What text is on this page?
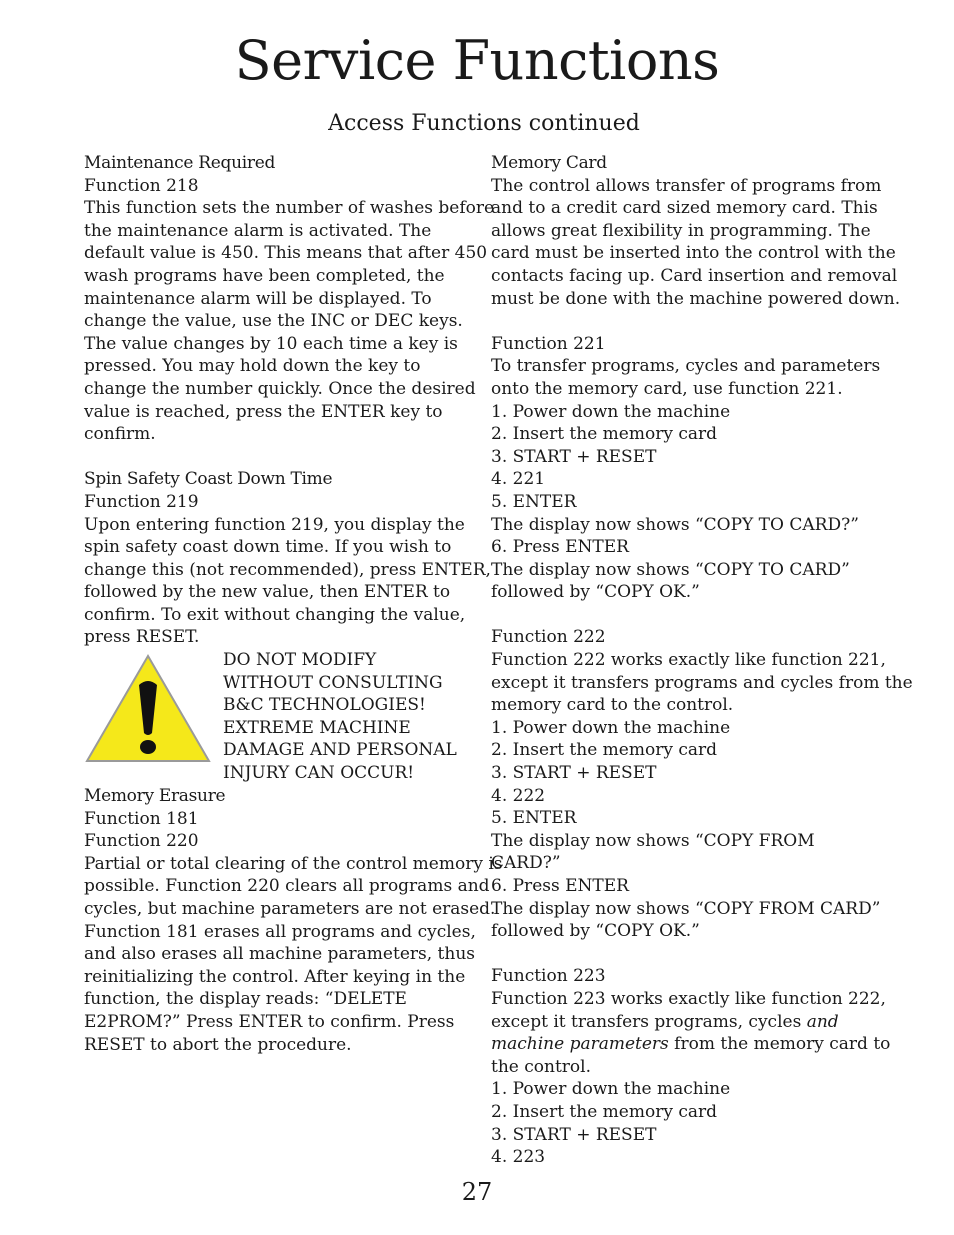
Service Functions
Access Functions continued
Maintenance Required
Function 218
This function sets the number of washes before
the maintenance alarm is activated. The
default value is 450. This means that after 450
wash programs have been completed, the
maintenance alarm will be displayed. To
change the value, use the INC or DEC keys.
The value changes by 10 each time a key is
pressed. You may hold down the key to
change the number quickly. Once the desired
value is reached, press the ENTER key to
confirm.
Spin Safety Coast Down Time
Function 219
Upon entering function 219, you display the
spin safety coast down time. If you wish to
change this (not recommended), press ENTER,
followed by the new value, then ENTER to
confirm. To exit without changing the value,
press RESET.
DO NOT MODIFY
WITHOUT CONSULTING
B&C TECHNOLOGIES!
EXTREME MACHINE
DAMAGE AND PERSONAL
INJURY CAN OCCUR!
Memory Erasure
Function 181
Function 220
Partial or total clearing of the control memory is
possible. Function 220 clears all programs and
cycles, but machine parameters are not erased.
Function 181 erases all programs and cycles,
and also erases all machine parameters, thus
reinitializing the control. After keying in the
function, the display reads: “DELETE
E2PROM?” Press ENTER to confirm. Press
RESET to abort the procedure.
Memory Card
The control allows transfer of programs from
and to a credit card sized memory card. This
allows great flexibility in programming. The
card must be inserted into the control with the
contacts facing up. Card insertion and removal
must be done with the machine powered down.
Function 221
To transfer programs, cycles and parameters
onto the memory card, use function 221.
1. Power down the machine
2. Insert the memory card
3. START + RESET
4. 221
5. ENTER
The display now shows “COPY TO CARD?”
6. Press ENTER
The display now shows “COPY TO CARD”
followed by “COPY OK.”
Function 222
Function 222 works exactly like function 221,
except it transfers programs and cycles from the
memory card to the control.
1. Power down the machine
2. Insert the memory card
3. START + RESET
4. 222
5. ENTER
The display now shows “COPY FROM
CARD?”
6. Press ENTER
The display now shows “COPY FROM CARD”
followed by “COPY OK.”
Function 223
Function 223 works exactly like function 222,
except it transfers programs, cycles and
machine parameters from the memory card to
the control.
1. Power down the machine
2. Insert the memory card
3. START + RESET
4. 223
27
